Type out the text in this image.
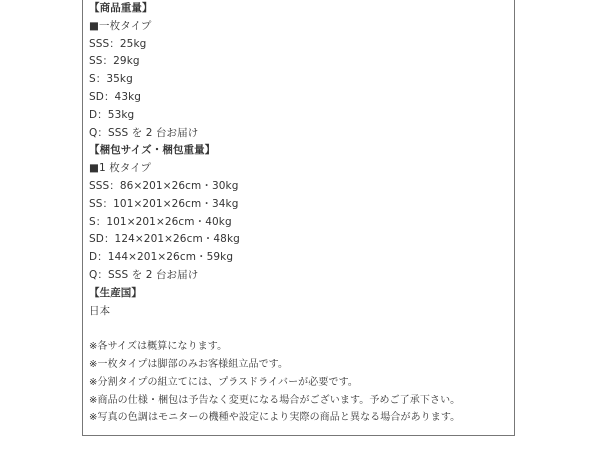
【商品重量】
■一枚タイプ
SSS：25kg
SS：29kg
S：35kg
SD：43kg
D：53kg
Q：SSS を 2 台お届け
【梱包サイズ・梱包重量】
■1 枚タイプ
SSS：86×201×26cm・30kg
SS：101×201×26cm・34kg
S：101×201×26cm・40kg
SD：124×201×26cm・48kg
D：144×201×26cm・59kg
Q：SSS を 2 台お届け
【生産国】
日本
※各サイズは概算になります。
※一枚タイプは脚部のみお客様組立品です。
※分割タイプの組立てには、プラスドライバーが必要です。
※商品の仕様・梱包は予告なく変更になる場合がございます。予めご了承下さい。
※写真の色調はモニターの機種や設定により実際の商品と異なる場合があります。
